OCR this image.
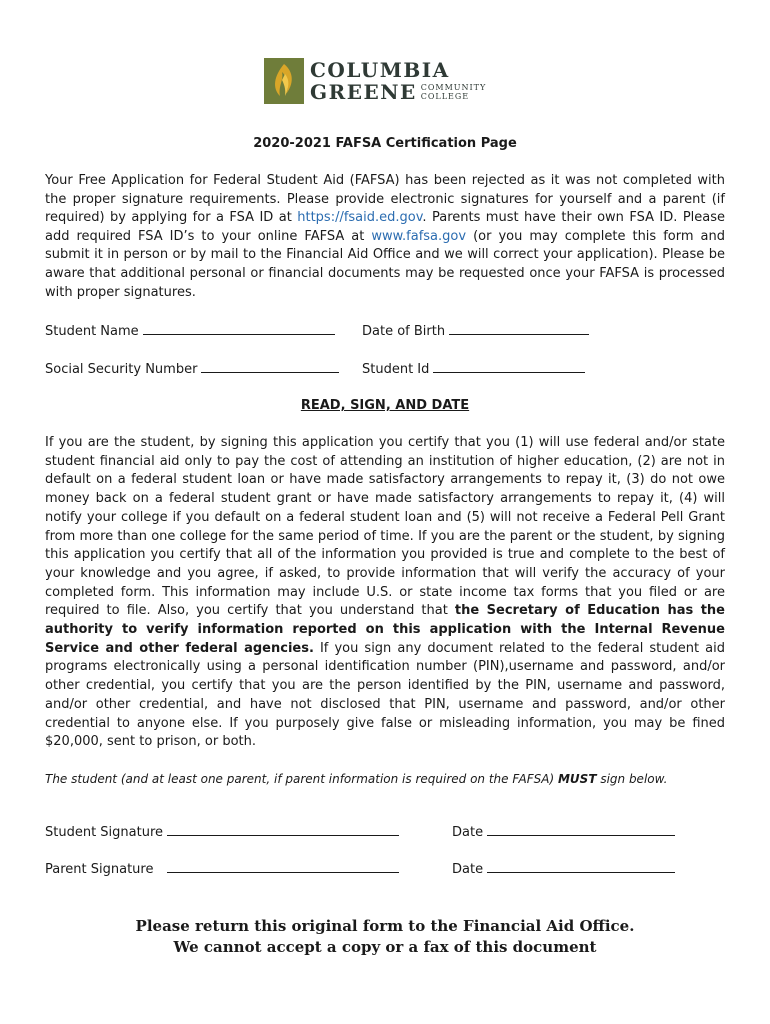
COLUMBIA
GREENE COMMUNITY
COLLEGE
2020-2021 FAFSA Certification Page
Your Free Application for Federal Student Aid (FAFSA) has been rejected as it was not completed with the proper signature requirements. Please provide electronic signatures for yourself and a parent (if required) by applying for a FSA ID at https://fsaid.ed.gov. Parents must have their own FSA ID. Please add required FSA ID’s to your online FAFSA at www.fafsa.gov (or you may complete this form and submit it in person or by mail to the Financial Aid Office and we will correct your application). Please be aware that additional personal or financial documents may be requested once your FAFSA is processed with proper signatures.
Student Name	Date of Birth
Social Security Number	Student Id
READ, SIGN, AND DATE
If you are the student, by signing this application you certify that you (1) will use federal and/or state student financial aid only to pay the cost of attending an institution of higher education, (2) are not in default on a federal student loan or have made satisfactory arrangements to repay it, (3) do not owe money back on a federal student grant or have made satisfactory arrangements to repay it, (4) will notify your college if you default on a federal student loan and (5) will not receive a Federal Pell Grant from more than one college for the same period of time. If you are the parent or the student, by signing this application you certify that all of the information you provided is true and complete to the best of your knowledge and you agree, if asked, to provide information that will verify the accuracy of your completed form. This information may include U.S. or state income tax forms that you filed or are required to file. Also, you certify that you understand that the Secretary of Education has the authority to verify information reported on this application with the Internal Revenue Service and other federal agencies. If you sign any document related to the federal student aid programs electronically using a personal identification number (PIN),username and password, and/or other credential, you certify that you are the person identified by the PIN, username and password, and/or other credential, and have not disclosed that PIN, username and password, and/or other credential to anyone else. If you purposely give false or misleading information, you may be fined $20,000, sent to prison, or both.
The student (and at least one parent, if parent information is required on the FAFSA) MUST sign below.
Student Signature	Date
Parent Signature	Date
Please return this original form to the Financial Aid Office.
We cannot accept a copy or a fax of this document
